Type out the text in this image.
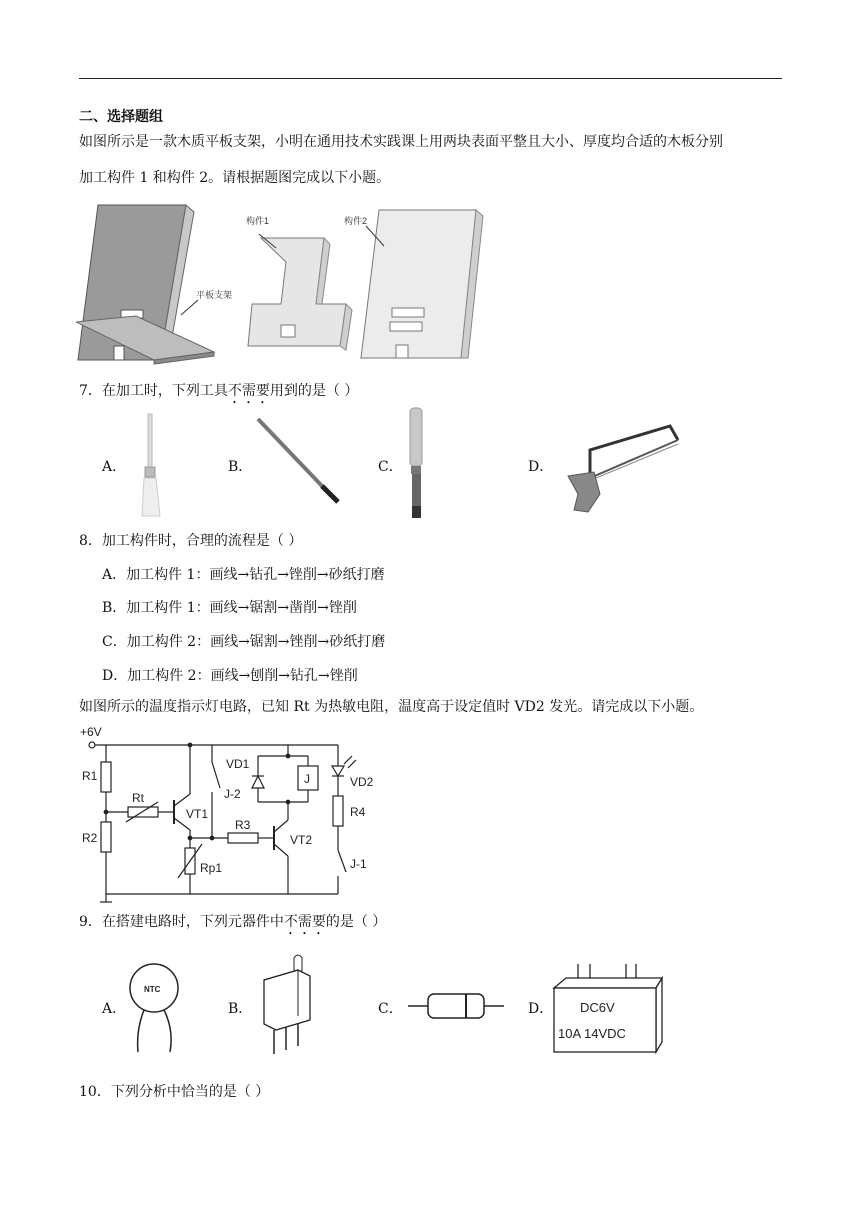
二、选择题组
如图所示是一款木质平板支架，小明在通用技术实践课上用两块表面平整且大小、厚度均合适的木板分别
加工构件 1 和构件 2。请根据题图完成以下小题。
平板支架
构件1	构件2
7．在加工时，下列工具不需要用到的是（ ）
A．	B．	C．	D．
8．加工构件时，合理的流程是（ ）
A．加工构件 1：画线→钻孔→锉削→砂纸打磨
B．加工构件 1：画线→锯割→凿削→锉削
C．加工构件 2：画线→锯割→锉削→砂纸打磨
D．加工构件 2：画线→刨削→钻孔→锉削
如图所示的温度指示灯电路，已知 Rt 为热敏电阻，温度高于设定值时 VD2 发光。请完成以下小题。
+6V
R1
R2
Rt
VT1
R3
Rp1
J-2
VT2
VD1
J	VD2
R4
J-1
9．在搭建电路时，下列元器件中不需要的是（ ）
A．
NTC
B．	C．	D． DC6V
10A 14VDC
10．下列分析中恰当的是（ ）
